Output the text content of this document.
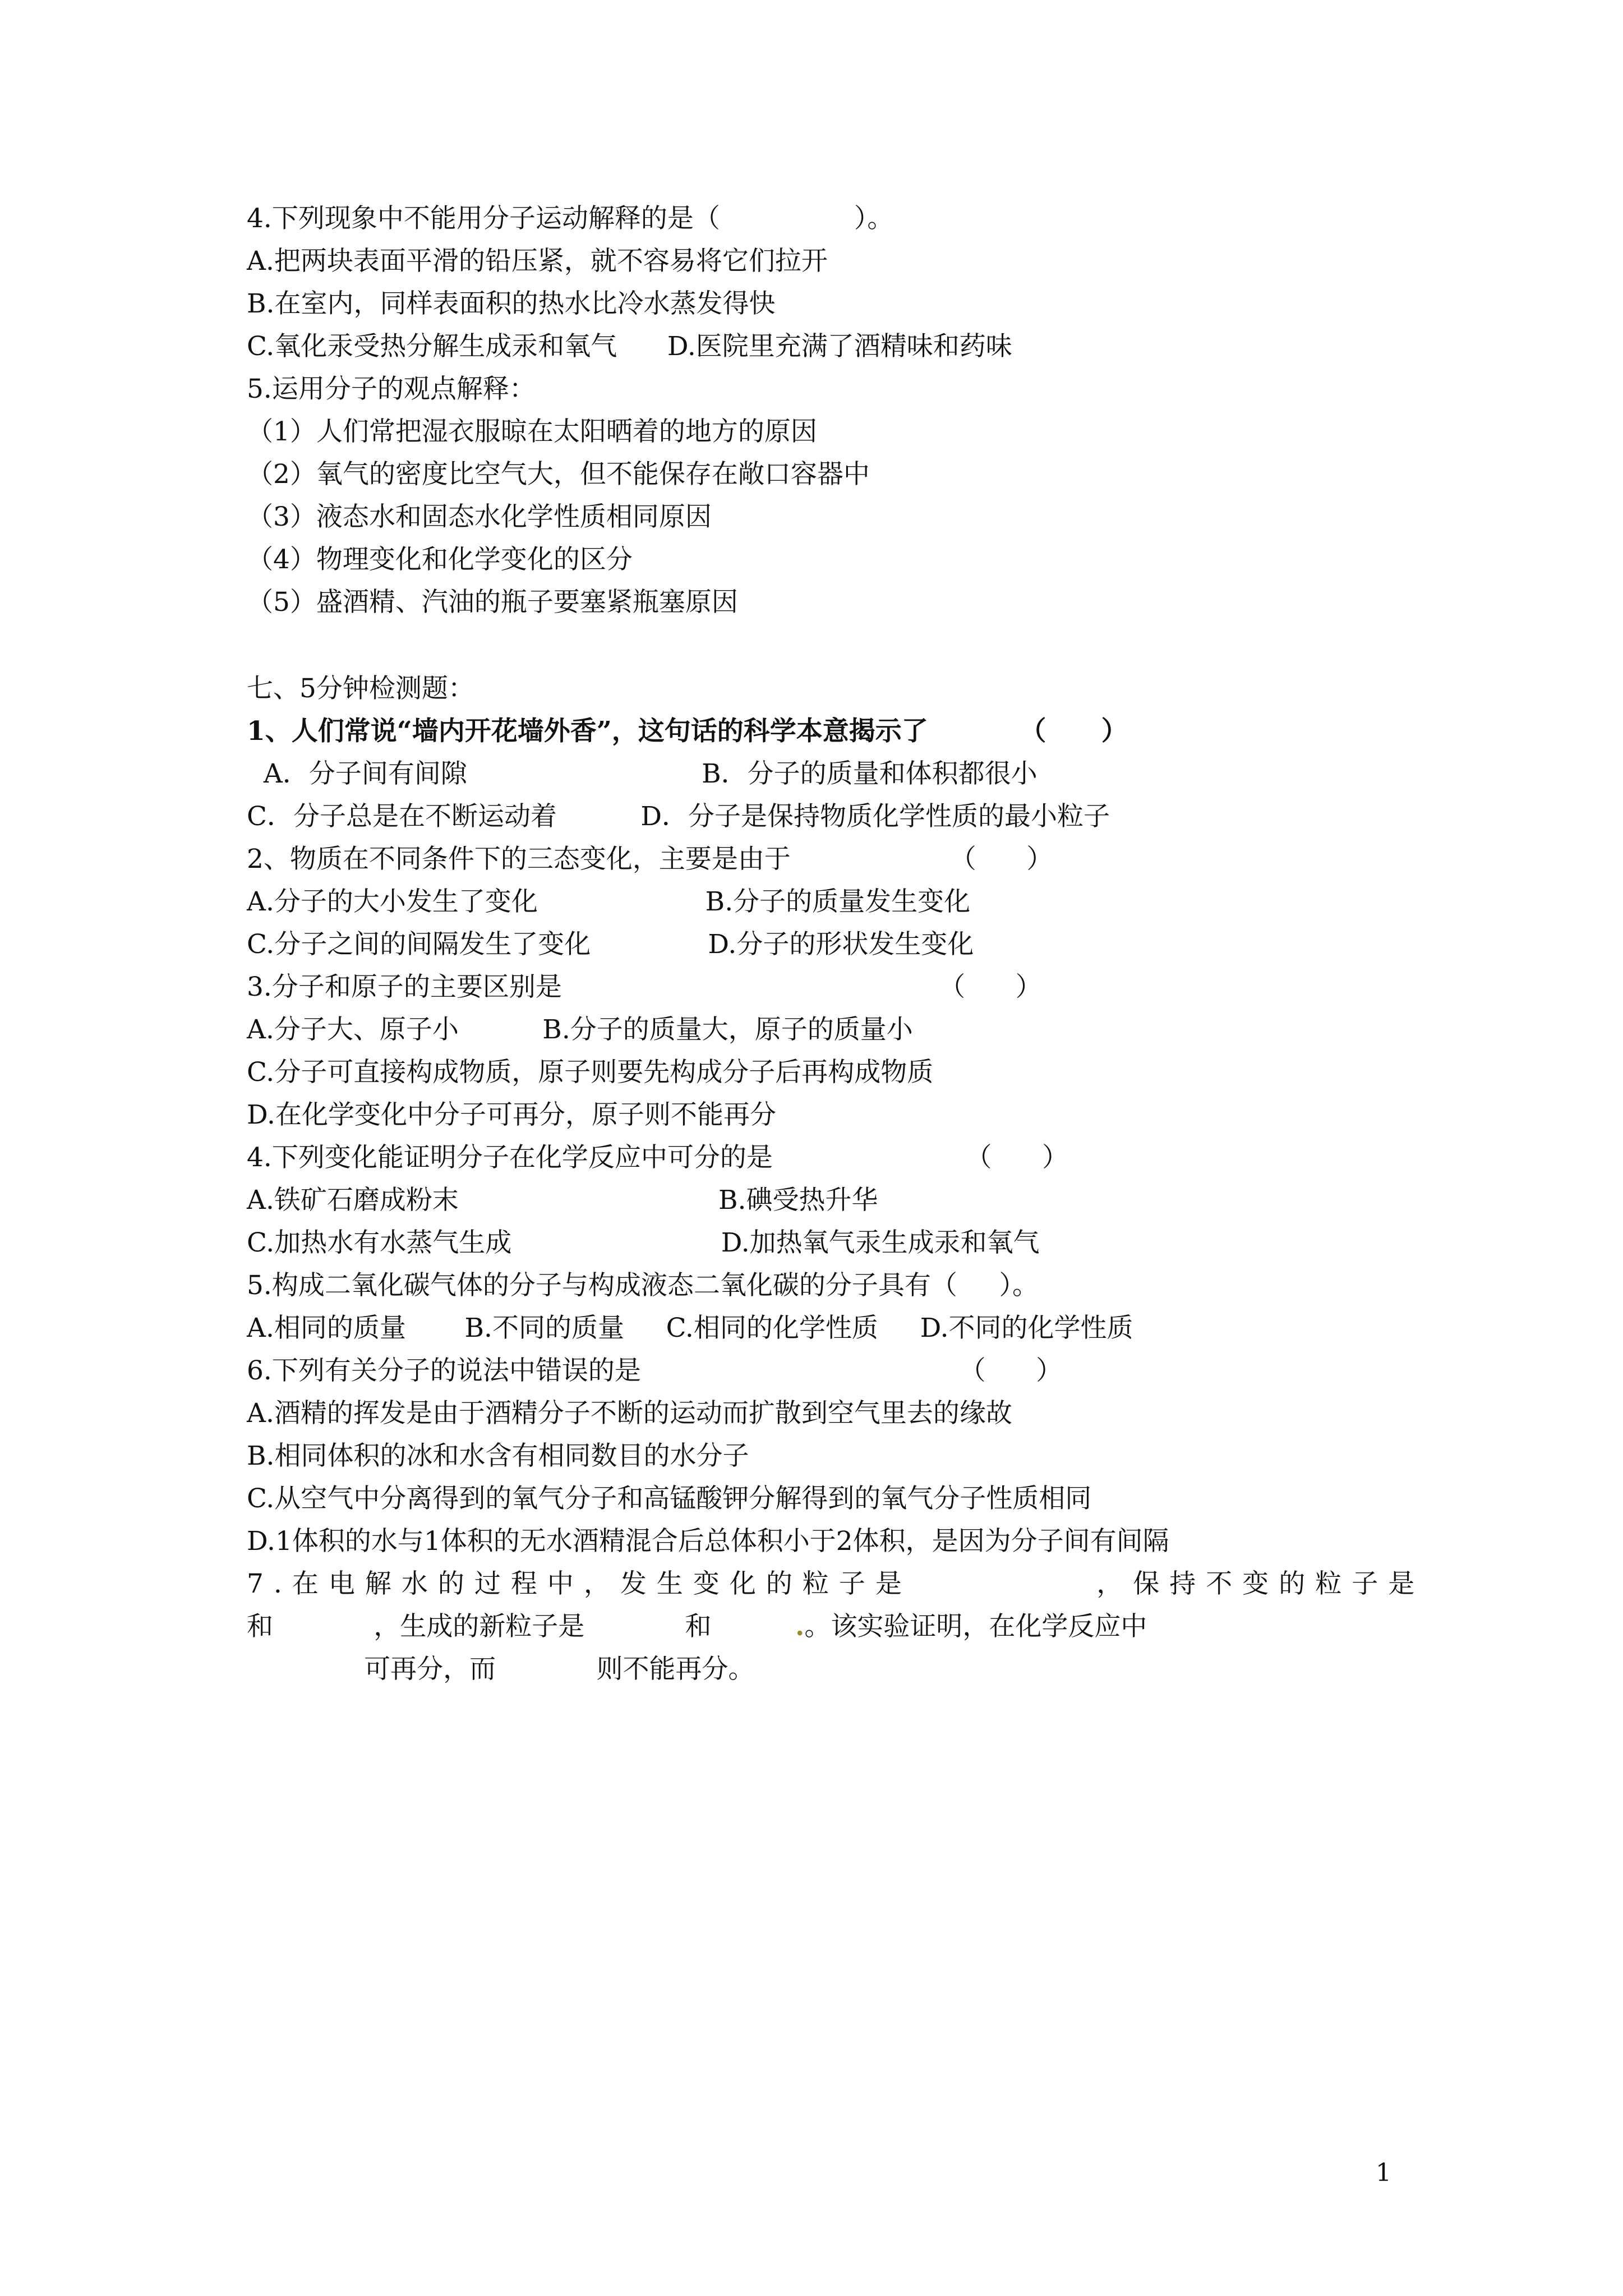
4.下列现象中不能用分子运动解释的是（                ）。
A.把两块表面平滑的铅压紧，就不容易将它们拉开
B.在室内，同样表面积的热水比冷水蒸发得快
C.氧化汞受热分解生成汞和氧气      D.医院里充满了酒精味和药味
5.运用分子的观点解释：
（1）人们常把湿衣服晾在太阳晒着的地方的原因
（2）氧气的密度比空气大，但不能保存在敞口容器中
（3）液态水和固态水化学性质相同原因
（4）物理变化和化学变化的区分
（5）盛酒精、汽油的瓶子要塞紧瓶塞原因
七、5分钟检测题：
1、人们常说“墙内开花墙外香”，这句话的科学本意揭示了          （      ）
A．分子间有间隙                            B．分子的质量和体积都很小
C．分子总是在不断运动着          D．分子是保持物质化学性质的最小粒子
2、物质在不同条件下的三态变化，主要是由于                   （      ）
A.分子的大小发生了变化                    B.分子的质量发生变化
C.分子之间的间隔发生了变化              D.分子的形状发生变化
3.分子和原子的主要区别是                                             （      ）
A.分子大、原子小          B.分子的质量大，原子的质量小
C.分子可直接构成物质，原子则要先构成分子后再构成物质
D.在化学变化中分子可再分，原子则不能再分
4.下列变化能证明分子在化学反应中可分的是                       （      ）
A.铁矿石磨成粉末                               B.碘受热升华
C.加热水有水蒸气生成                         D.加热氧气汞生成汞和氧气
5.构成二氧化碳气体的分子与构成液态二氧化碳的分子具有（     ）。
A.相同的质量       B.不同的质量     C.相同的化学性质     D.不同的化学性质
6.下列有关分子的说法中错误的是                                      （      ）
A.酒精的挥发是由于酒精分子不断的运动而扩散到空气里去的缘故
B.相同体积的冰和水含有相同数目的水分子
C.从空气中分离得到的氧气分子和高锰酸钾分解得到的氧气分子性质相同
D.1体积的水与1体积的无水酒精混合后总体积小于2体积，是因为分子间有间隔
7.在电解水的过程中，发生变化的粒子是          ，保持不变的粒子是
和            ，生成的新粒子是            和          .。该实验证明，在化学反应中
可再分，而            则不能再分。
1
